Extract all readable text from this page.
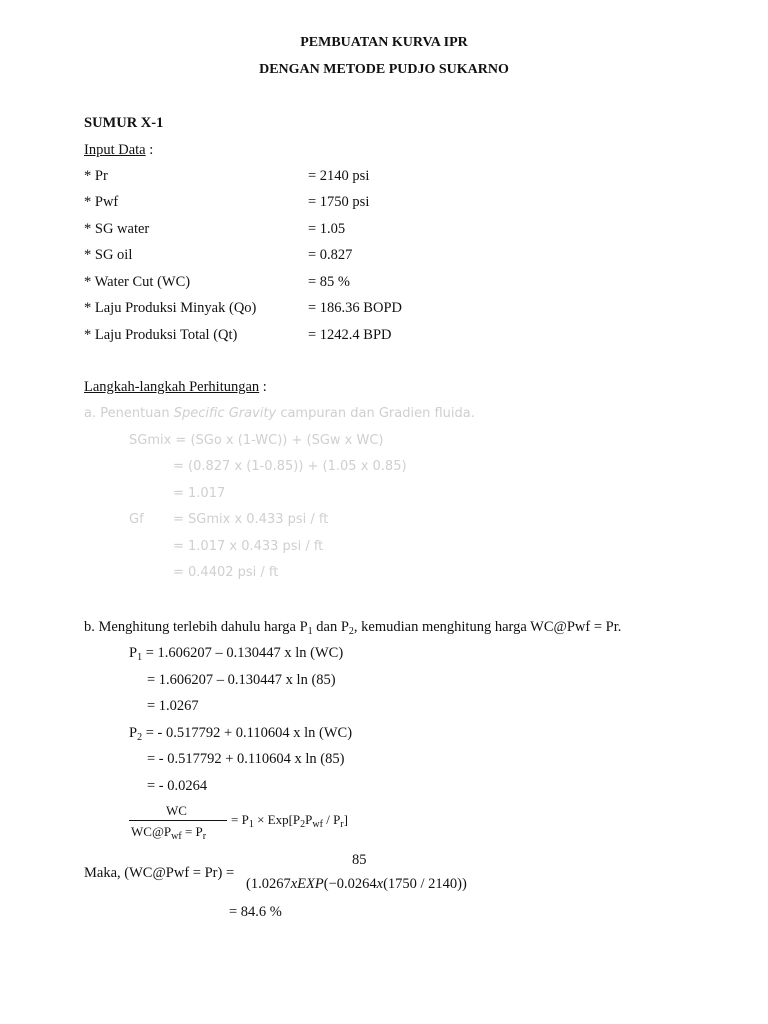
PEMBUATAN KURVA IPR
DENGAN METODE PUDJO SUKARNO
SUMUR X-1
Input Data :
* Pr	= 2140 psi
* Pwf	= 1750 psi
* SG water	= 1.05
* SG oil	= 0.827
* Water Cut (WC)	= 85 %
* Laju Produksi Minyak (Qo)	= 186.36 BOPD
* Laju Produksi Total (Qt)	= 1242.4 BPD
Langkah-langkah Perhitungan :
a. Penentuan Specific Gravity campuran dan Gradien fluida.
SGmix = (SGo x (1-WC)) + (SGw x WC)
= (0.827 x (1-0.85)) + (1.05 x 0.85)
= 1.017
Gf = SGmix x 0.433 psi / ft
= 1.017 x 0.433 psi / ft
= 0.4402 psi / ft
b. Menghitung terlebih dahulu harga $P_1$ dan $P_2$, kemudian menghitung harga WC@Pwf = Pr.
$P_1 = 1.606207 - 0.130447$ x ln (WC)
= 1.606207 – 0.130447 x ln (85)
= 1.0267
$P_2$ = - 0.517792 + 0.110604 x ln (WC)
= - 0.517792 + 0.110604 x ln (85)
= - 0.0264
WC
$WC@P_{wf} = P_r$
= $P_1 \times Exp[P_2P_{wf} / P_r]$
85
Maka, (WC@Pwf = Pr) =
(1.0267xEXP(−0.0264x(1750 / 2140))
= 84.6 %
